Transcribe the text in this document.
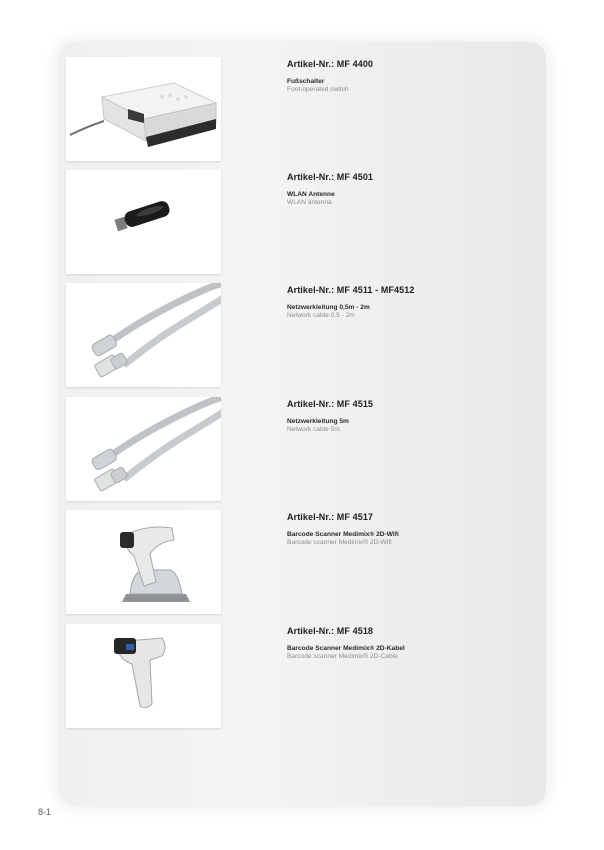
Artikel-Nr.: MF 4400
Fußschalter
Foot-operated switch
Artikel-Nr.: MF 4501
WLAN Antenne
WLAN antenna
Artikel-Nr.: MF 4511 - MF4512
Netzwerkleitung 0,5m - 2m
Network cable 0.5 - 2m
Artikel-Nr.: MF 4515
Netzwerkleitung 5m
Network cable 5m
Artikel-Nr.: MF 4517
Barcode Scanner Medimix® 2D-Wifi
Barcode scanner Medimix® 2D-Wifi
Artikel-Nr.: MF 4518
Barcode Scanner Medimix® 2D-Kabel
Barcode scanner Medimix® 2D-Cable
8-1
